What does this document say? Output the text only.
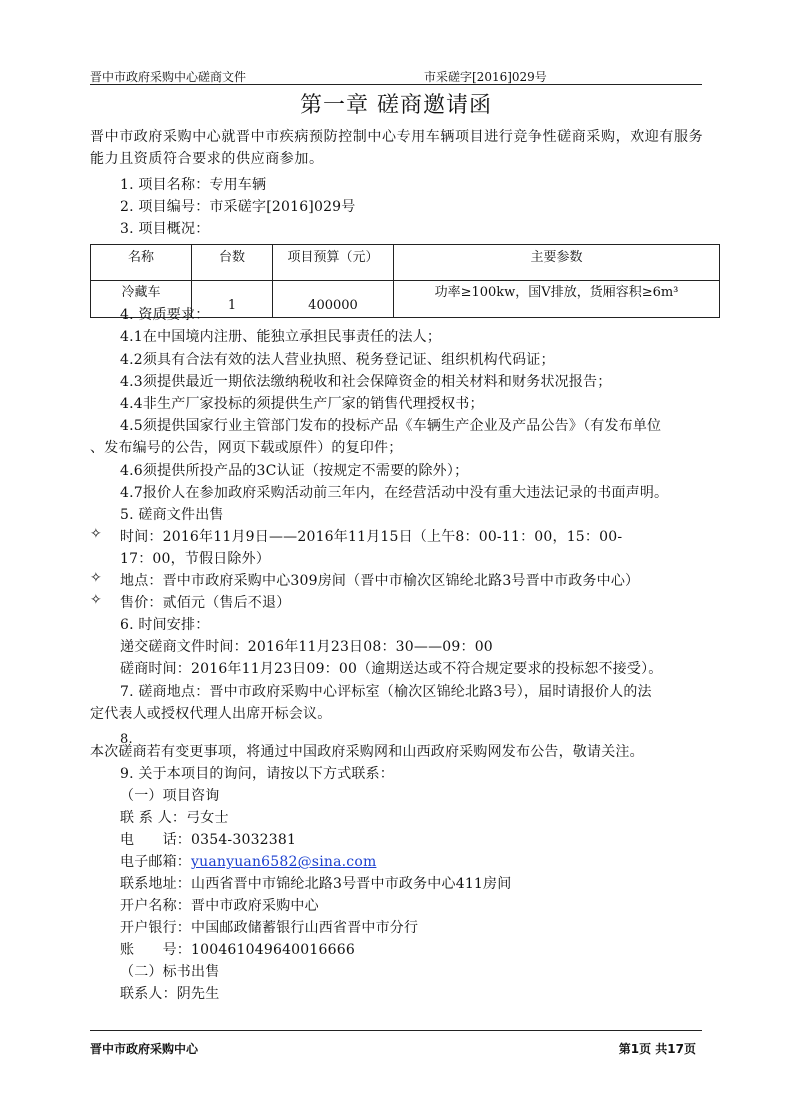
晋中市政府采购中心磋商文件	市采磋字[2016]029号
第一章 磋商邀请函
晋中市政府采购中心就晋中市疾病预防控制中心专用车辆项目进行竞争性磋商采购，欢迎有服务能力且资质符合要求的供应商参加。
1. 项目名称：专用车辆
2. 项目编号：市采磋字[2016]029号
3. 项目概况：
名称	台数	项目预算（元）	主要参数
冷藏车	1	400000	功率≥100kw，国Ⅴ排放，货厢容积≥6m³
4. 资质要求：
4.1在中国境内注册、能独立承担民事责任的法人；
4.2须具有合法有效的法人营业执照、税务登记证、组织机构代码证；
4.3须提供最近一期依法缴纳税收和社会保障资金的相关材料和财务状况报告；
4.4非生产厂家投标的须提供生产厂家的销售代理授权书；
4.5须提供国家行业主管部门发布的投标产品《车辆生产企业及产品公告》（有发布单位
、发布编号的公告，网页下载或原件）的复印件；
4.6须提供所投产品的3C认证（按规定不需要的除外）；
4.7报价人在参加政府采购活动前三年内，在经营活动中没有重大违法记录的书面声明。
5. 磋商文件出售
✧ 时间：2016年11月9日——2016年11月15日（上午8：00-11：00，15：00-
17：00，节假日除外）
✧ 地点：晋中市政府采购中心309房间（晋中市榆次区锦纶北路3号晋中市政务中心）
✧ 售价：贰佰元（售后不退）
6. 时间安排：
递交磋商文件时间：2016年11月23日08：30——09：00
磋商时间：2016年11月23日09：00（逾期送达或不符合规定要求的投标恕不接受）。
7. 磋商地点：晋中市政府采购中心评标室（榆次区锦纶北路3号），届时请报价人的法
定代表人或授权代理人出席开标会议。
8.
本次磋商若有变更事项，将通过中国政府采购网和山西政府采购网发布公告，敬请关注。
9. 关于本项目的询问，请按以下方式联系：
（一）项目咨询
联 系 人：弓女士
电　　话：0354-3032381
电子邮箱：yuanyuan6582@sina.com
联系地址：山西省晋中市锦纶北路3号晋中市政务中心411房间
开户名称：晋中市政府采购中心
开户银行：中国邮政储蓄银行山西省晋中市分行
账　　号：100461049640016666
（二）标书出售
联系人：阴先生
晋中市政府采购中心	第1页 共17页
